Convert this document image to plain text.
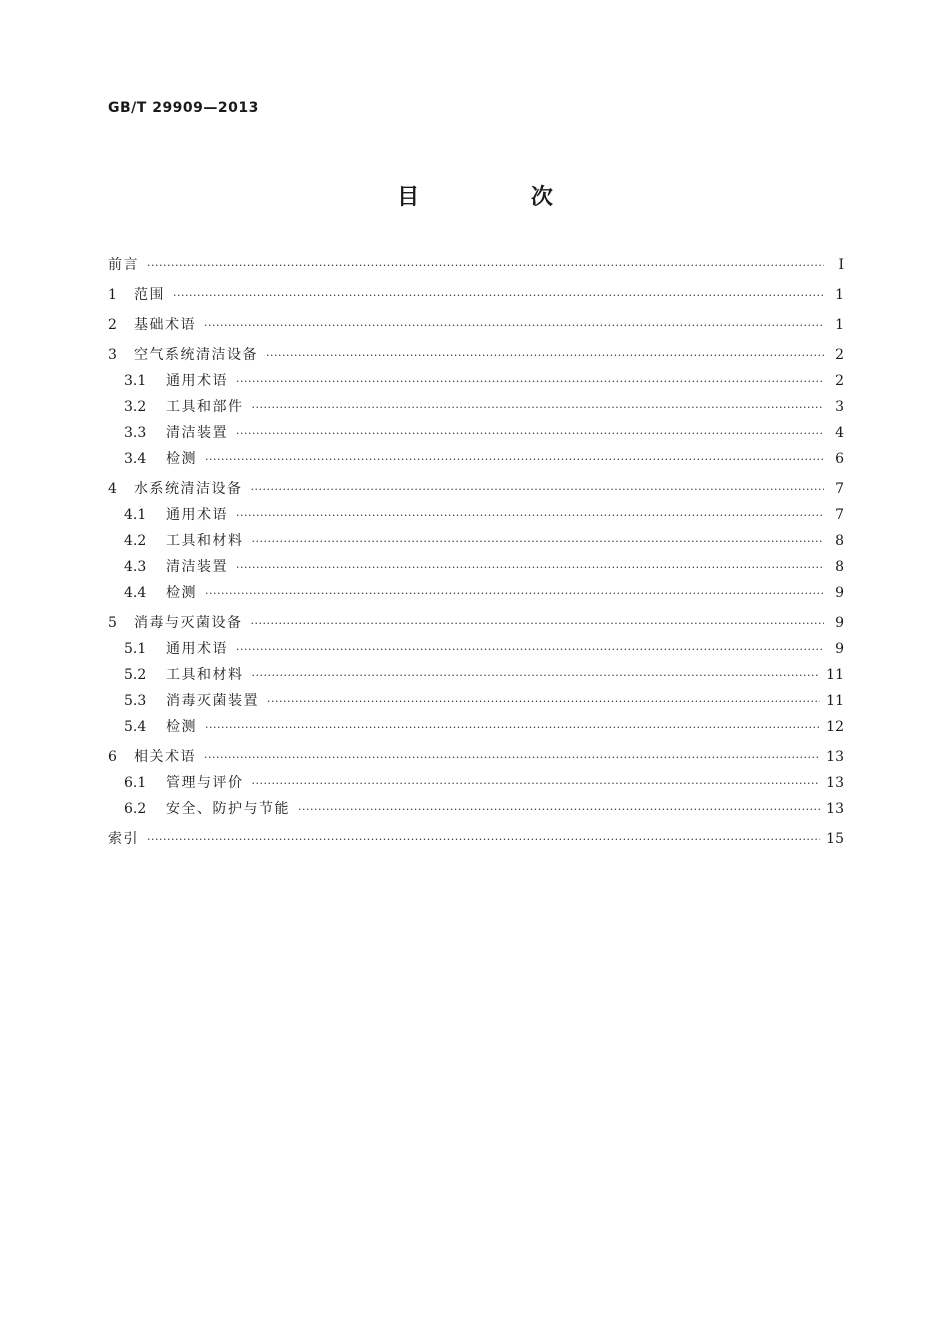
GB/T 29909—2013
目 次
前言 ·····	Ⅰ
1	范围 ·····	1
2	基础术语 ·····	1
3	空气系统清洁设备 ·····	2
3.1	通用术语 ·····	2
3.2	工具和部件 ·····	3
3.3	清洁装置 ·····	4
3.4	检测 ·····	6
4	水系统清洁设备 ·····	7
4.1	通用术语 ·····	7
4.2	工具和材料 ·····	8
4.3	清洁装置 ·····	8
4.4	检测 ·····	9
5	消毒与灭菌设备 ·····	9
5.1	通用术语 ·····	9
5.2	工具和材料 ·····	11
5.3	消毒灭菌装置 ·····	11
5.4	检测 ·····	12
6	相关术语 ·····	13
6.1	管理与评价 ·····	13
6.2	安全、防护与节能 ·····	13
索引 ·····	15
